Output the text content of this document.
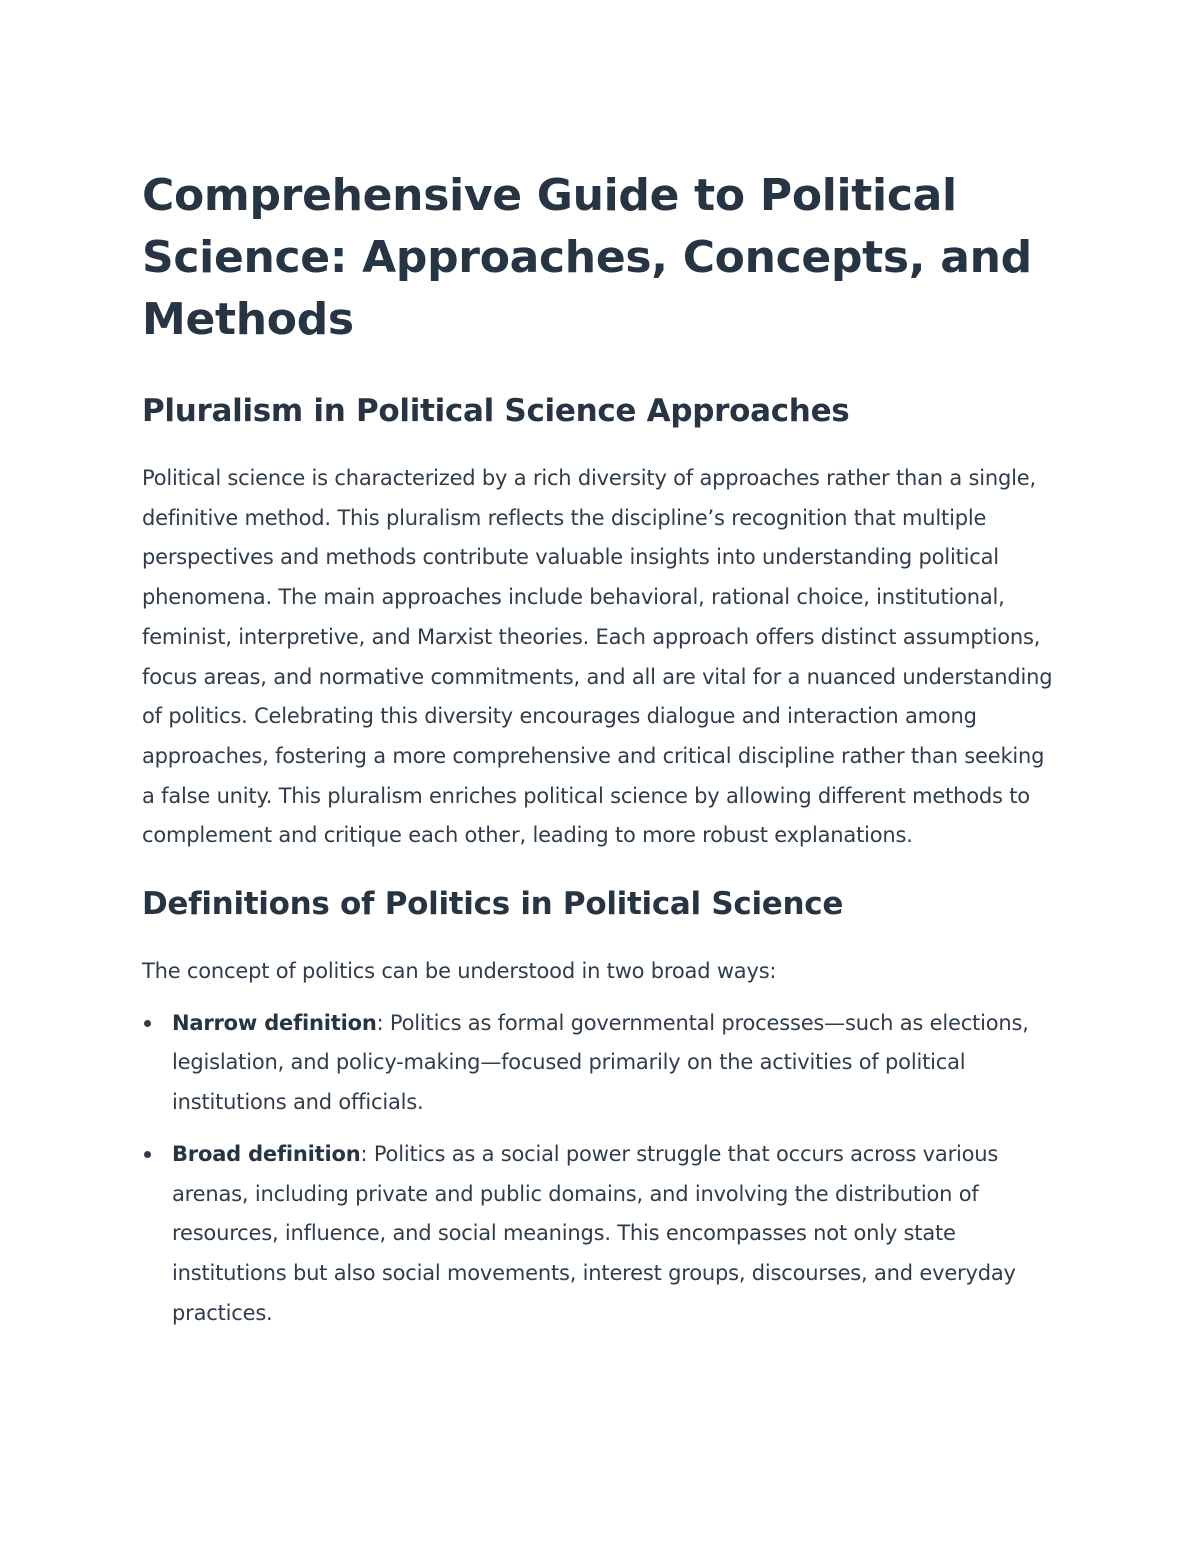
Comprehensive Guide to Political Science: Approaches, Concepts, and Methods
Pluralism in Political Science Approaches

Political science is characterized by a rich diversity of approaches rather than a single, definitive method. This pluralism reflects the discipline’s recognition that multiple perspectives and methods contribute valuable insights into understanding political phenomena. The main approaches include behavioral, rational choice, institutional, feminist, interpretive, and Marxist theories. Each approach offers distinct assumptions, focus areas, and normative commitments, and all are vital for a nuanced understanding of politics. Celebrating this diversity encourages dialogue and interaction among approaches, fostering a more comprehensive and critical discipline rather than seeking a false unity. This pluralism enriches political science by allowing different methods to complement and critique each other, leading to more robust explanations.

Definitions of Politics in Political Science

The concept of politics can be understood in two broad ways:

Narrow definition: Politics as formal governmental processes—such as elections, legislation, and policy-making—focused primarily on the activities of political institutions and officials.
Broad definition: Politics as a social power struggle that occurs across various arenas, including private and public domains, and involving the distribution of resources, influence, and social meanings. This encompasses not only state institutions but also social movements, interest groups, discourses, and everyday practices.
